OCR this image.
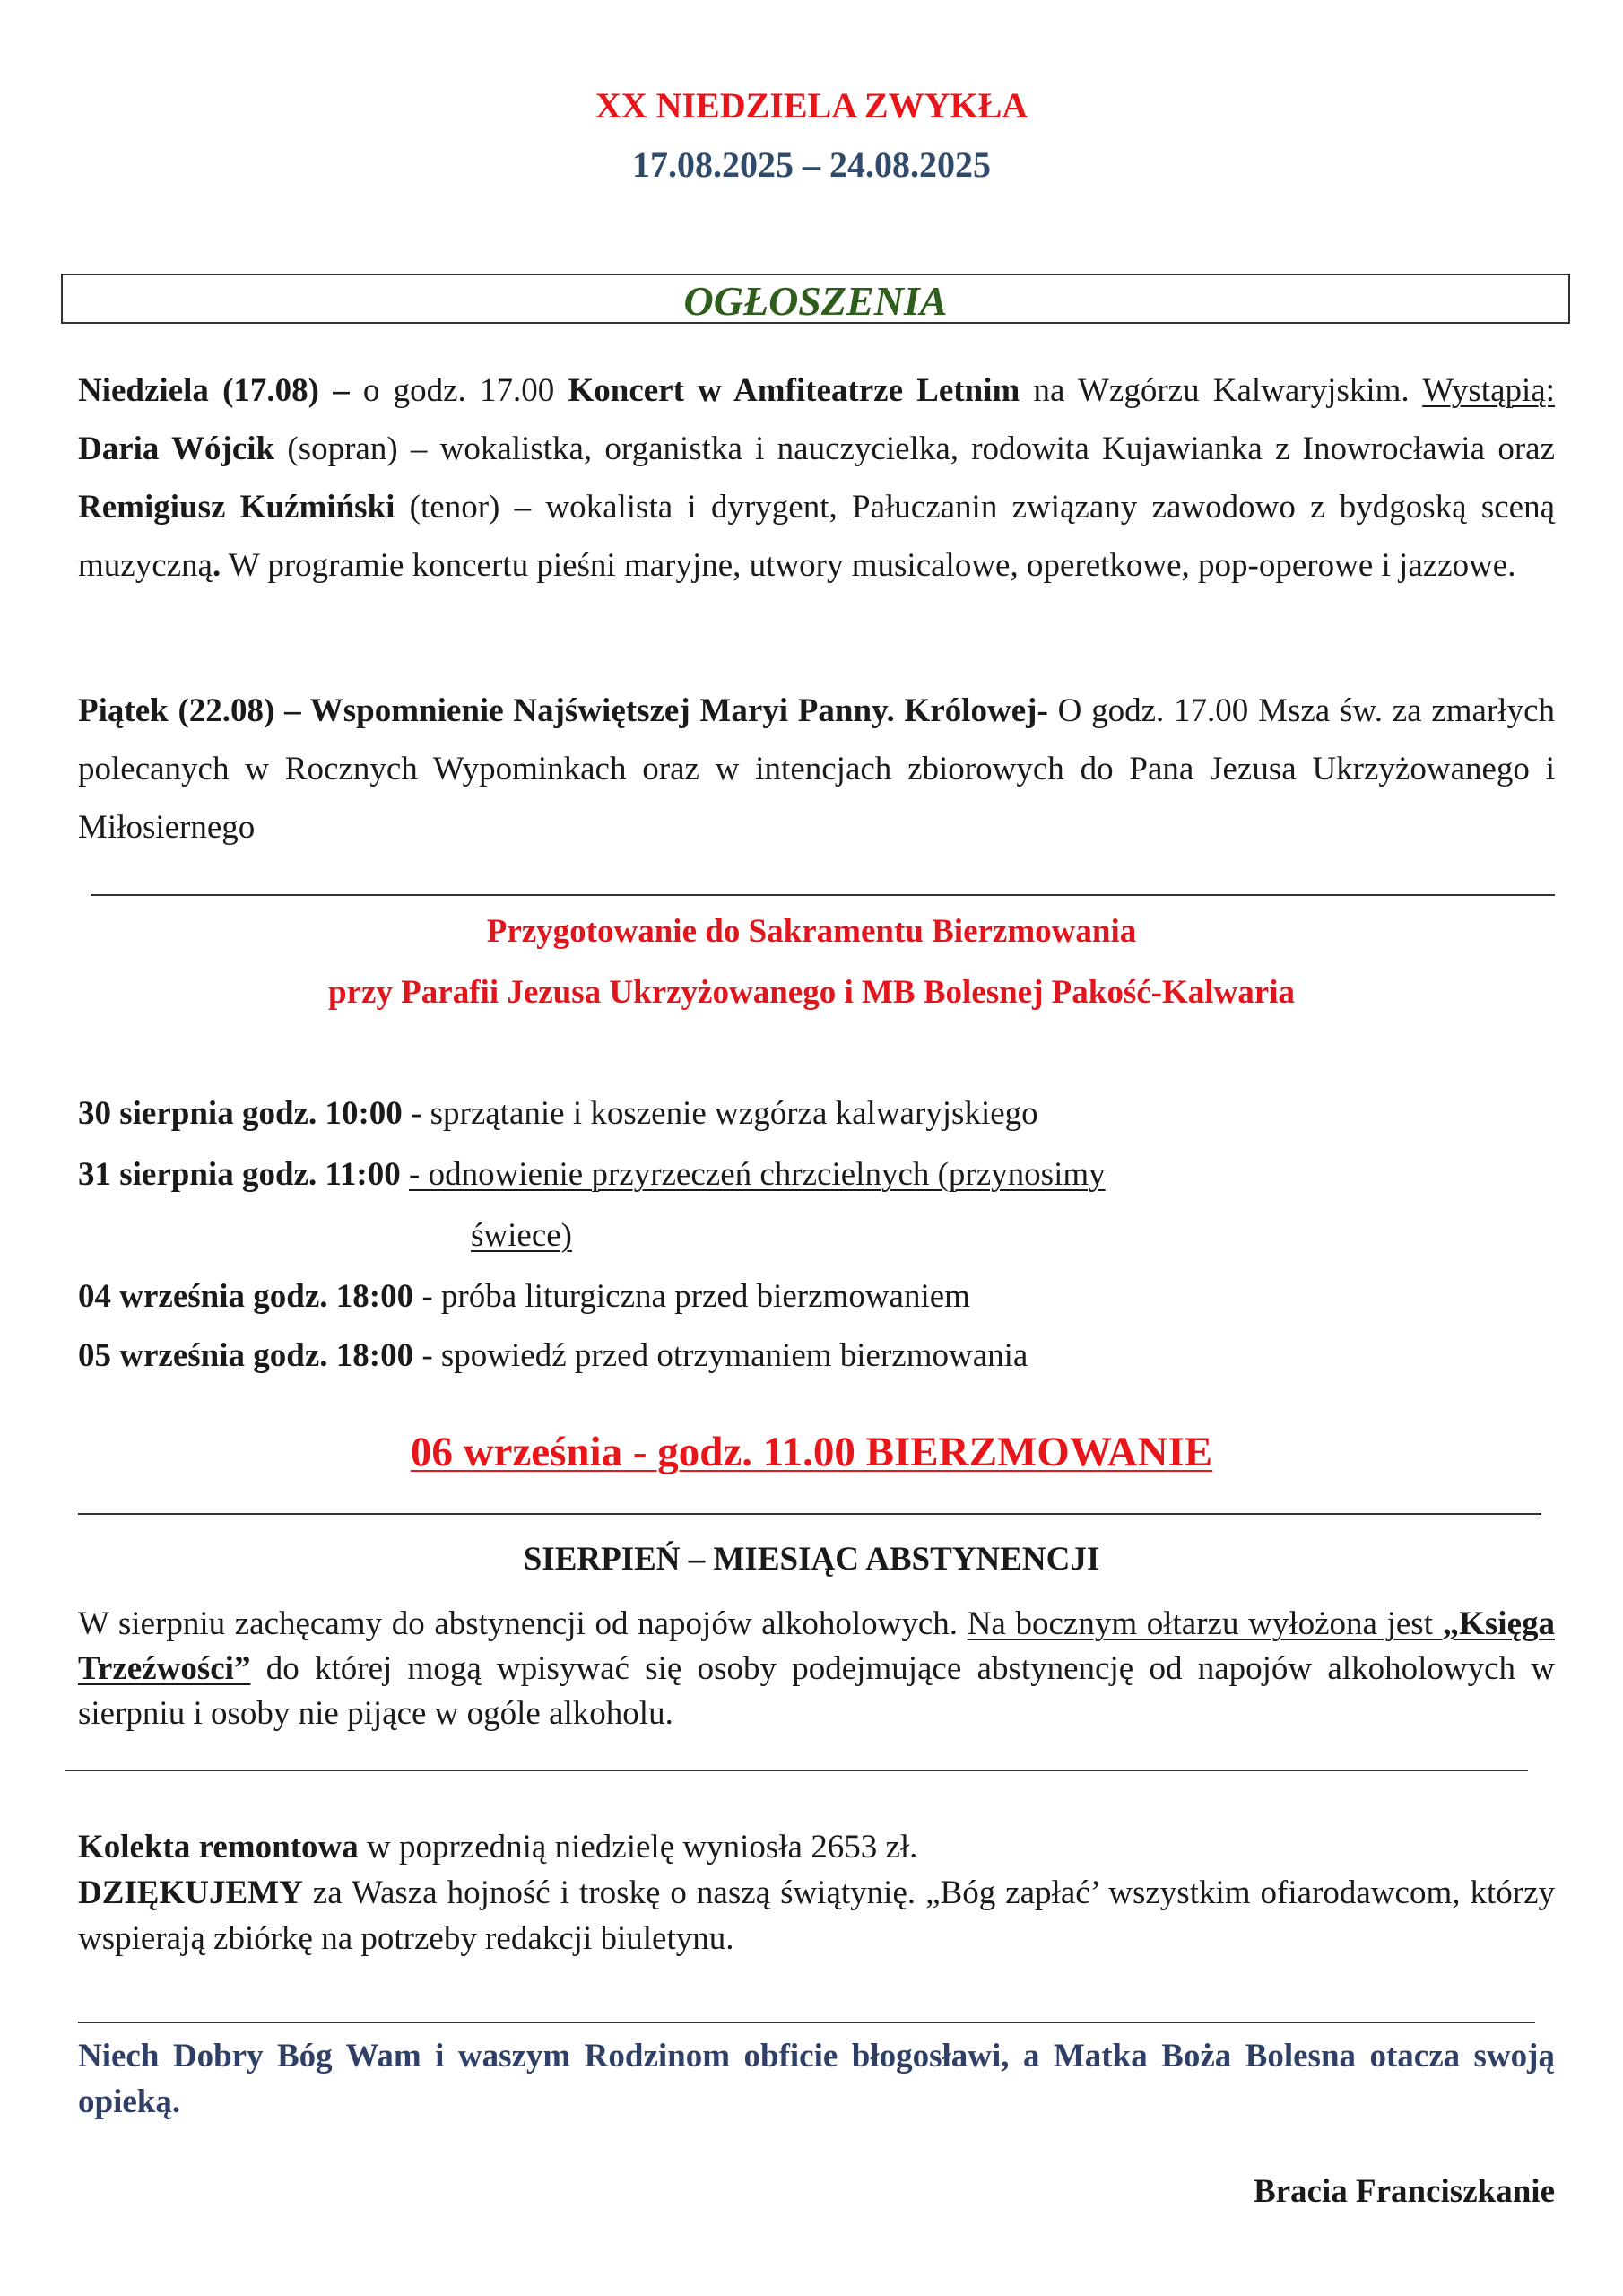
XX NIEDZIELA ZWYKŁA
17.08.2025 – 24.08.2025
OGŁOSZENIA
Niedziela (17.08) – o godz. 17.00 Koncert w Amfiteatrze Letnim na Wzgórzu Kalwaryjskim. Wystąpią: Daria Wójcik (sopran) – wokalistka, organistka i nauczycielka, rodowita Kujawianka z Inowrocławia oraz Remigiusz Kuźmiński (tenor) – wokalista i dyrygent, Pałuczanin związany zawodowo z bydgoską sceną muzyczną. W programie koncertu pieśni maryjne, utwory musicalowe, operetkowe, pop-operowe i jazzowe.
Piątek (22.08) – Wspomnienie Najświętszej Maryi Panny. Królowej- O godz. 17.00 Msza św. za zmarłych polecanych w Rocznych Wypominkach oraz w intencjach zbiorowych do Pana Jezusa Ukrzyżowanego i Miłosiernego
Przygotowanie do Sakramentu Bierzmowania
przy Parafii Jezusa Ukrzyżowanego i MB Bolesnej Pakość-Kalwaria
30 sierpnia godz. 10:00 - sprzątanie i koszenie wzgórza kalwaryjskiego
31 sierpnia godz. 11:00 - odnowienie przyrzeczeń chrzcielnych (przynosimy
świece)
04 września godz. 18:00 - próba liturgiczna przed bierzmowaniem
05 września godz. 18:00 - spowiedź przed otrzymaniem bierzmowania
06 września - godz. 11.00 BIERZMOWANIE
SIERPIEŃ – MIESIĄC ABSTYNENCJI
W sierpniu zachęcamy do abstynencji od napojów alkoholowych. Na bocznym ołtarzu wyłożona jest „Księga Trzeźwości” do której mogą wpisywać się osoby podejmujące abstynencję od napojów alkoholowych w sierpniu i osoby nie pijące w ogóle alkoholu.
Kolekta remontowa w poprzednią niedzielę wyniosła 2653 zł.
DZIĘKUJEMY za Wasza hojność i troskę o naszą świątynię. „Bóg zapłać’ wszystkim ofiarodawcom, którzy wspierają zbiórkę na potrzeby redakcji biuletynu.
Niech Dobry Bóg Wam i waszym Rodzinom obficie błogosławi, a Matka Boża Bolesna otacza swoją opieką.
Bracia Franciszkanie
